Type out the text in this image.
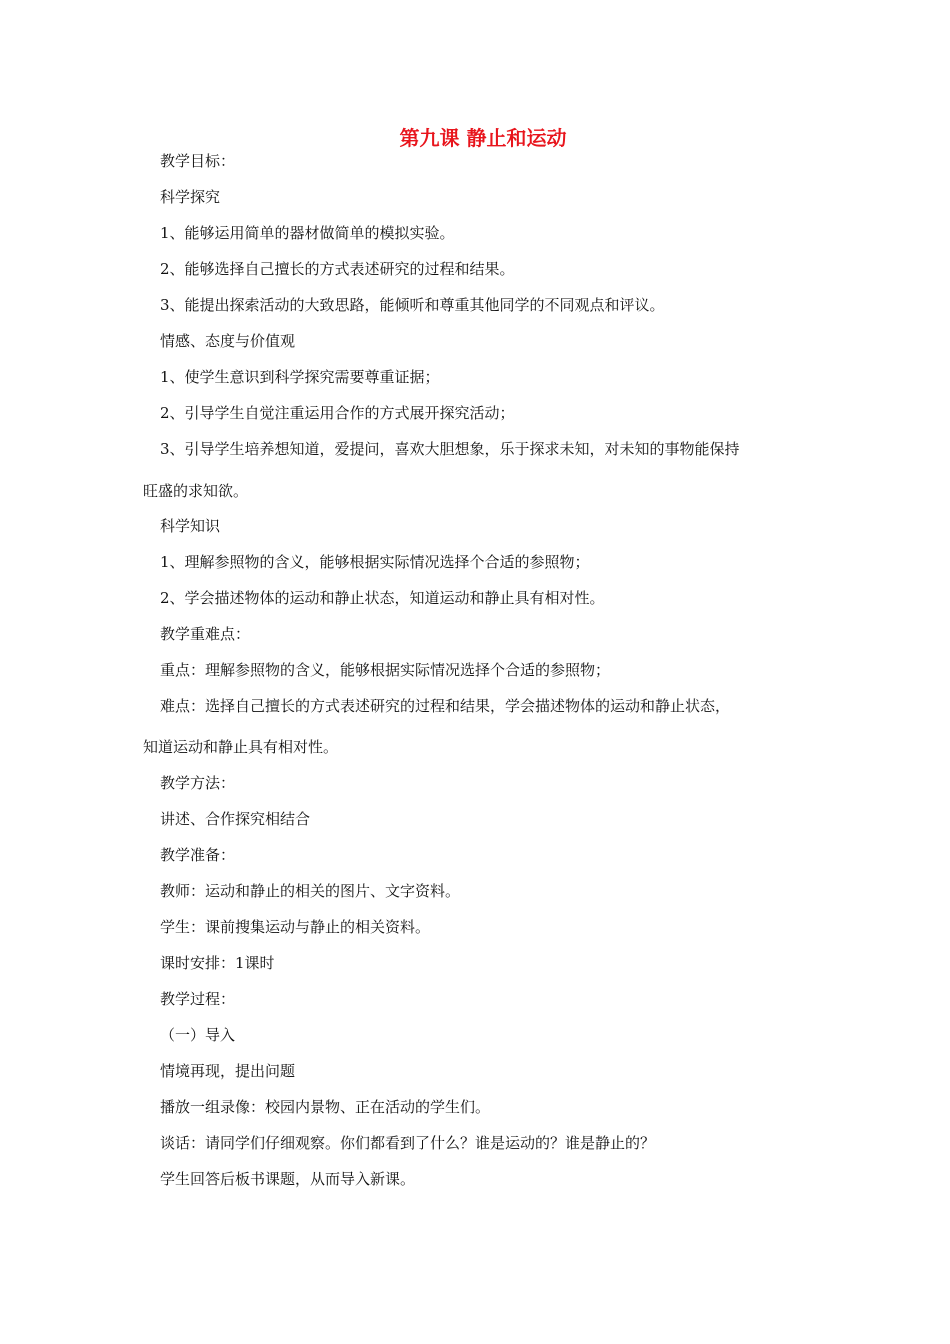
第九课 静止和运动
教学目标：
科学探究
1、能够运用简单的器材做简单的模拟实验。
2、能够选择自己擅长的方式表述研究的过程和结果。
3、能提出探索活动的大致思路，能倾听和尊重其他同学的不同观点和评议。
情感、态度与价值观
1、使学生意识到科学探究需要尊重证据；
2、引导学生自觉注重运用合作的方式展开探究活动；
3、引导学生培养想知道，爱提问，喜欢大胆想象，乐于探求未知，对未知的事物能保持
旺盛的求知欲。
科学知识
1、理解参照物的含义，能够根据实际情况选择个合适的参照物；
2、学会描述物体的运动和静止状态，知道运动和静止具有相对性。
教学重难点：
重点：理解参照物的含义，能够根据实际情况选择个合适的参照物；
难点：选择自己擅长的方式表述研究的过程和结果，学会描述物体的运动和静止状态，
知道运动和静止具有相对性。
教学方法：
讲述、合作探究相结合
教学准备：
教师：运动和静止的相关的图片、文字资料。
学生：课前搜集运动与静止的相关资料。
课时安排：1课时
教学过程：
（一）导入
情境再现，提出问题
播放一组录像：校园内景物、正在活动的学生们。
谈话：请同学们仔细观察。你们都看到了什么？谁是运动的？谁是静止的？
学生回答后板书课题，从而导入新课。
